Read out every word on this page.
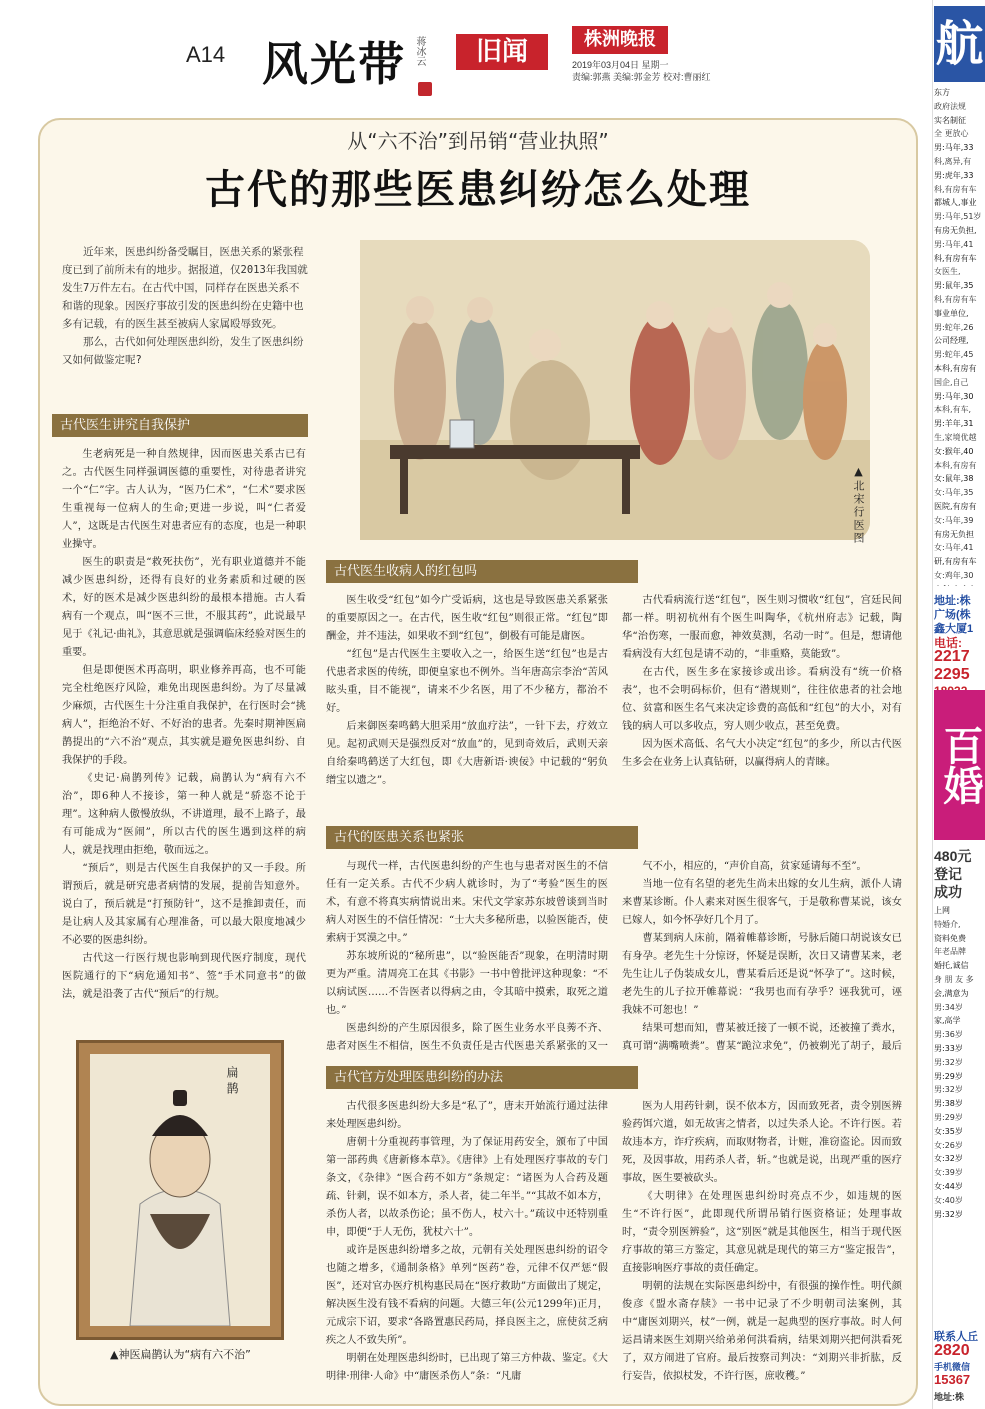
A14 风光带 蒋冰云	旧闻	株洲晚报
2019年03月04日 星期一
责编:郭燕 美编:郭金芳 校对:曹丽红
从“六不治”到吊销“营业执照”
古代的那些医患纠纷怎么处理

近年来，医患纠纷备受瞩目，医患关系的紧张程度已到了前所未有的地步。据报道，仅2013年我国就发生7万件左右。在古代中国，同样存在医患关系不和谐的现象。因医疗事故引发的医患纠纷在史籍中也多有记载，有的医生甚至被病人家属殴辱致死。

那么，古代如何处理医患纠纷，发生了医患纠纷又如何做鉴定呢?

▲北宋行医图
古代医生讲究自我保护

生老病死是一种自然规律，因而医患关系古已有之。古代医生同样强调医德的重要性，对待患者讲究一个“仁”字。古人认为，“医乃仁术”，“仁术”要求医生重视每一位病人的生命;更进一步说，叫“仁者爱人”，这既是古代医生对患者应有的态度，也是一种职业操守。

医生的职责是“救死扶伤”，光有职业道德并不能减少医患纠纷，还得有良好的业务素质和过硬的医术，好的医术是减少医患纠纷的最根本措施。古人看病有一个观点，叫“医不三世，不服其药”，此说最早见于《礼记·曲礼》，其意思就是强调临床经验对医生的重要。

但是即便医术再高明，职业修养再高，也不可能完全杜绝医疗风险，难免出现医患纠纷。为了尽量减少麻烦，古代医生十分注重自我保护，在行医时会“挑病人”，拒绝治不好、不好治的患者。先秦时期神医扁鹊提出的“六不治”观点，其实就是避免医患纠纷、自我保护的手段。

《史记·扁鹊列传》记载，扁鹊认为“病有六不治”，即6种人不接诊，第一种人就是“骄恣不论于理”。这种病人傲慢放纵，不讲道理，最不上路子，最有可能成为“医闹”，所以古代的医生遇到这样的病人，就是找理由拒绝，敬而远之。

“预后”，则是古代医生自我保护的又一手段。所谓预后，就是研究患者病情的发展，提前告知意外。说白了，预后就是“打预防针”，这不是推卸责任，而是让病人及其家属有心理准备，可以最大限度地减少不必要的医患纠纷。

古代这一行医行规也影响到现代医疗制度，现代医院通行的下“病危通知书”、签“手术同意书”的做法，就是沿袭了古代“预后”的行规。

扁鹊
▲神医扁鹊认为“病有六不治”
古代医生收病人的红包吗

医生收受“红包”如今广受诟病，这也是导致医患关系紧张的重要原因之一。在古代，医生收“红包”则很正常。“红包”即酬金，并不违法，如果收不到“红包”，倒极有可能是庸医。

“红包”是古代医生主要收入之一，给医生送“红包”也是古代患者求医的传统，即便皇家也不例外。当年唐高宗李治“苦风眩头重，目不能视”，请来不少名医，用了不少秘方，都治不好。

后来御医秦鸣鹤大胆采用“放血疗法”，一针下去，疗效立见。起初武则天是强烈反对“放血”的，见到奇效后，武则天亲自给秦鸣鹤送了大红包，即《大唐新语·谀佞》中记载的“躬负缯宝以遗之”。

古代看病流行送“红包”，医生则习惯收“红包”，宫廷民间都一样。明初杭州有个医生叫陶华，《杭州府志》记载，陶华“治伤寒，一服而愈，神效莫测，名动一时”。但是，想请他看病没有大红包是请不动的，“非重赂，莫能致”。

在古代，医生多在家接诊或出诊。看病没有“统一价格表”，也不会明码标价，但有“潜规则”，往往依患者的社会地位、贫富和医生名气来决定诊费的高低和“红包”的大小，对有钱的病人可以多收点，穷人则少收点，甚至免费。

因为医术高低、名气大小决定“红包”的多少，所以古代医生多会在业务上认真钻研，以赢得病人的青睐。

古代的医患关系也紧张

与现代一样，古代医患纠纷的产生也与患者对医生的不信任有一定关系。古代不少病人就诊时，为了“考验”医生的医术，有意不将真实病情说出来。宋代文学家苏东坡曾谈到当时病人对医生的不信任情况：“士大夫多秘所患，以验医能否，使索病于冥漠之中。”

苏东坡所说的“秘所患”，以“验医能否”现象，在明清时期更为严重。清周亮工在其《书影》一书中曾批评这种现象：“不以病试医……不告医者以得病之由，令其暗中摸索，取死之道也。”

医患纠纷的产生原因很多，除了医生业务水平良莠不齐、患者对医生不相信，医生不负责任是古代医患关系紧张的又一

气不小，相应的，“声价自高，贫家延请每不至”。

当地一位有名望的老先生尚未出嫁的女儿生病，派仆人请来曹某诊断。仆人素来对医生很客气，于是敬称曹某说，该女已嫁人，如今怀孕好几个月了。

曹某到病人床前，隔着帷幕诊断，号脉后随口胡说该女已有身孕。老先生十分惊讶，怀疑是误断，次日又请曹某来，老先生让儿子伪装成女儿，曹某看后还是说“怀孕了”。这时候，老先生的儿子拉开帷幕说：“我男也而有孕乎？诬我犹可，诬我妹不可恕也！”

结果可想而知，曹某被迁接了一顿不说，还被撞了粪水，真可谓“满嘴喷粪”。曹某“跪泣求免”，仍被剃光了胡子，最后

古代官方处理医患纠纷的办法

古代很多医患纠纷大多是“私了”，唐末开始流行通过法律来处理医患纠纷。

唐朝十分重视药事管理，为了保证用药安全，颁布了中国第一部药典《唐新修本草》。《唐律》上有处理医疗事故的专门条文，《杂律》“医合药不如方”条规定：“诸医为人合药及题疏、针刺，误不如本方，杀人者，徒二年半。”“其故不如本方，杀伤人者，以故杀伤论；虽不伤人，杖六十。”疏议中还特别重申，即便“于人无伤，犹杖六十”。

或许是医患纠纷增多之故，元朝有关处理医患纠纷的诏令也随之增多，《通制条格》单列“医药”卷，元律不仅严惩“假医”，还对官办医疗机构惠民局在“医疗救助”方面做出了规定，解决医生没有钱不看病的问题。大德三年(公元1299年)正月，元成宗下诏，要求“各路置惠民药局，择良医主之，庶使贫乏病疾之人不致失所”。

明朝在处理医患纠纷时，已出现了第三方仲裁、鉴定。《大明律·刑律·人命》中“庸医杀伤人”条：“凡庸

医为人用药针刺，误不依本方，因而致死者，责令别医辨验药饵穴道，如无故害之情者，以过失杀人论。不许行医。若故违本方，诈疗疾病，而取财物者，计赃，准窃盗论。因而致死，及因事故，用药杀人者，斩。”也就是说，出现严重的医疗事故，医生要被砍头。

《大明律》在处理医患纠纷时亮点不少，如违规的医生“不许行医”，此即现代所谓吊销行医资格证；处理事故时，“责令别医辨验”，这“别医”就是其他医生，相当于现代医疗事故的第三方鉴定，其意见就是现代的第三方“鉴定报告”，直接影响医疗事故的责任确定。

明朝的法规在实际医患纠纷中，有很强的操作性。明代颜俊彦《盟水斋存牍》一书中记录了不少明朝司法案例，其中“庸医刘期兴，杖”一例，就是一起典型的医疗事故。时人何运昌请来医生刘期兴给弟弟何洪看病，结果刘期兴把何洪看死了，双方闹进了官府。最后按察司判决：“刘期兴非折肱，反行妄告，依拟杖发，不许行医，庶收穫。”

航
东方
政府法规
实名制征
全 更放心
男:马年,33
科,离异,有
男:虎年,33
科,有房有车
都城人,事业
男:马年,51岁
有房无负担,
男:马年,41
科,有房有车
女医生,
男:鼠年,35
科,有房有车
事业单位,
男:蛇年,26
公司经理,
男:蛇年,45
本科,有房有
国企,自己
男:马年,30
本科,有车,
男:羊年,31
生,家境优越
女:猴年,40
本科,有房有
女:鼠年,38
女:马年,35
医院,有房有
女:马年,39
有房无负担
女:马年,41
研,有房有车
女:鸡年,30
地址:株
广场(株
鑫大厦1
电话:
2217
2295
百婚
480元
登记
成功
上网
特婚介,
资料免费
年老品牌
婚托,诚信
身 朋 友 多
会,满意为
男:34岁
家,高学
男:36岁
男:33岁
男:32岁
男:29岁
男:32岁
男:38岁
男:29岁
女:35岁
女:26岁
女:32岁
女:39岁
女:44岁
女:40岁
男:32岁
联系人丘
2820
手机微信
15367
地址:株
